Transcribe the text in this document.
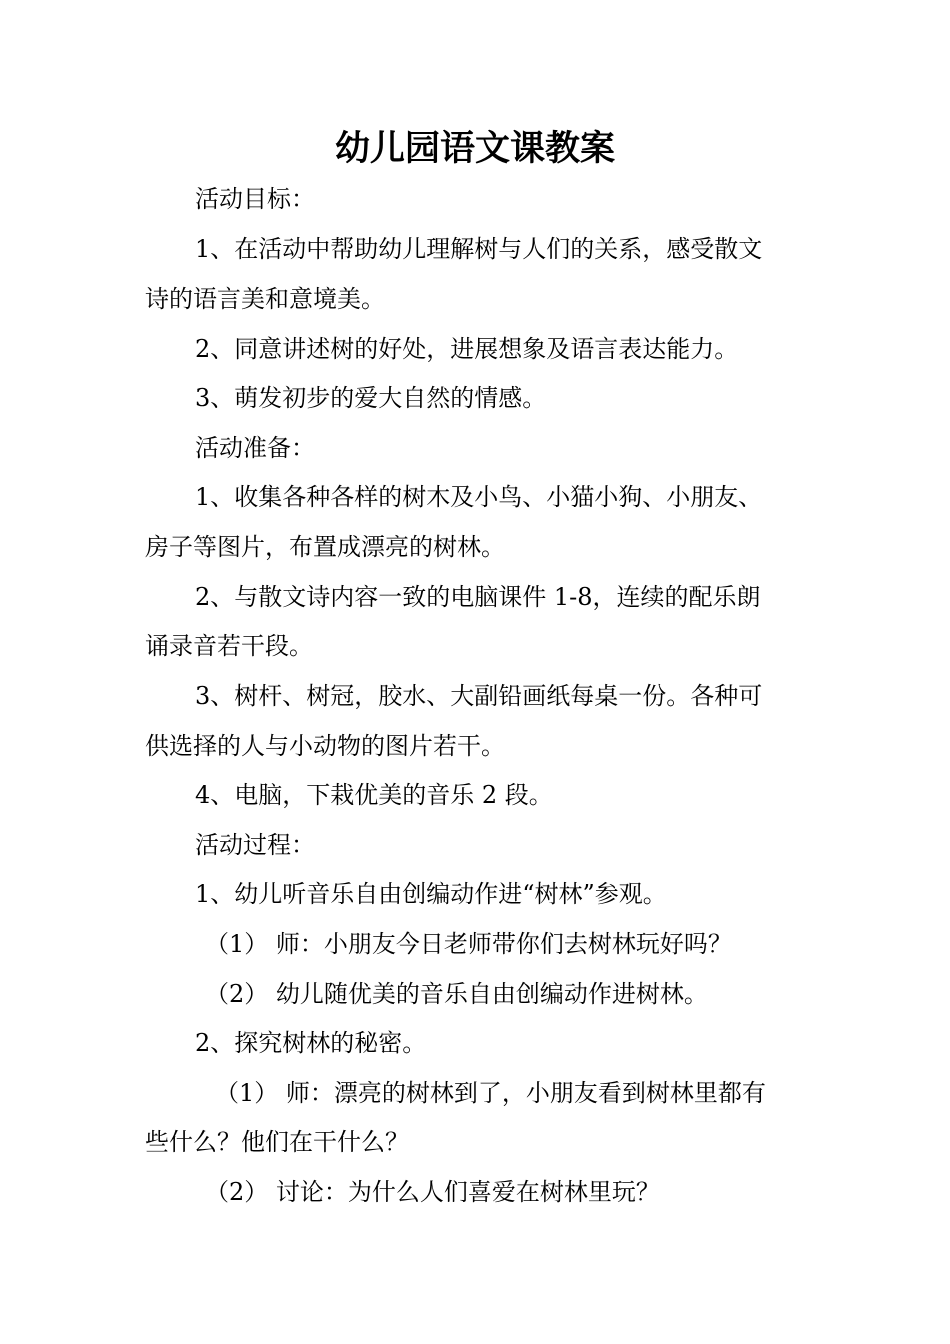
幼儿园语文课教案
活动目标：
1、在活动中帮助幼儿理解树与人们的关系，感受散文
诗的语言美和意境美。
2、同意讲述树的好处，进展想象及语言表达能力。
3、萌发初步的爱大自然的情感。
活动准备：
1、收集各种各样的树木及小鸟、小猫小狗、小朋友、
房子等图片，布置成漂亮的树林。
2、与散文诗内容一致的电脑课件 1-8，连续的配乐朗
诵录音若干段。
3、树杆、树冠，胶水、大副铅画纸每桌一份。各种可
供选择的人与小动物的图片若干。
4、电脑，下栽优美的音乐 2 段。
活动过程：
1、幼儿听音乐自由创编动作进“树林”参观。
（1） 师：小朋友今日老师带你们去树林玩好吗？
（2） 幼儿随优美的音乐自由创编动作进树林。
2、探究树林的秘密。
（1） 师：漂亮的树林到了，小朋友看到树林里都有
些什么？他们在干什么？
（2） 讨论：为什么人们喜爱在树林里玩？
